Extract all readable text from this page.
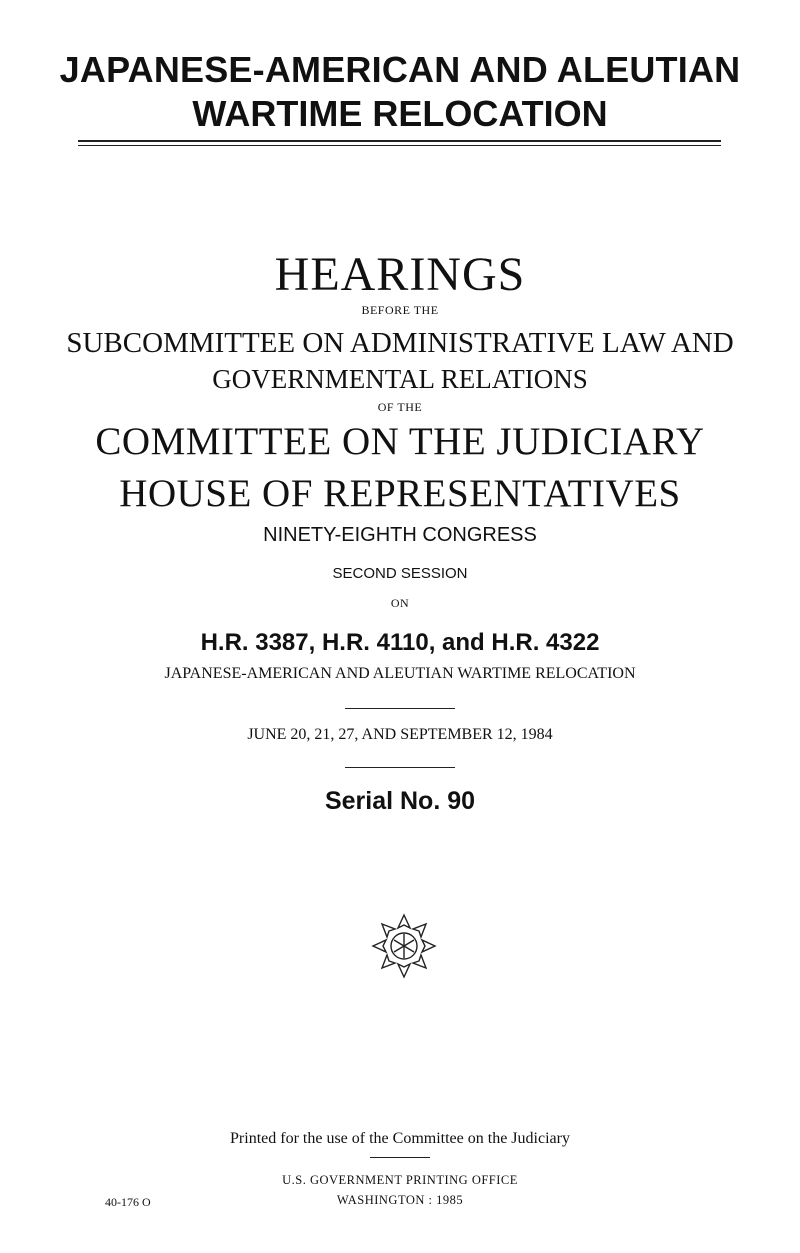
JAPANESE-AMERICAN AND ALEUTIAN
WARTIME RELOCATION
HEARINGS
BEFORE THE
SUBCOMMITTEE ON ADMINISTRATIVE LAW AND
GOVERNMENTAL RELATIONS
OF THE
COMMITTEE ON THE JUDICIARY
HOUSE OF REPRESENTATIVES
NINETY-EIGHTH CONGRESS
SECOND SESSION
ON
H.R. 3387, H.R. 4110, and H.R. 4322
JAPANESE-AMERICAN AND ALEUTIAN WARTIME RELOCATION
JUNE 20, 21, 27, AND SEPTEMBER 12, 1984
Serial No. 90
Printed for the use of the Committee on the Judiciary
U.S. GOVERNMENT PRINTING OFFICE
WASHINGTON : 1985
40-176 O
